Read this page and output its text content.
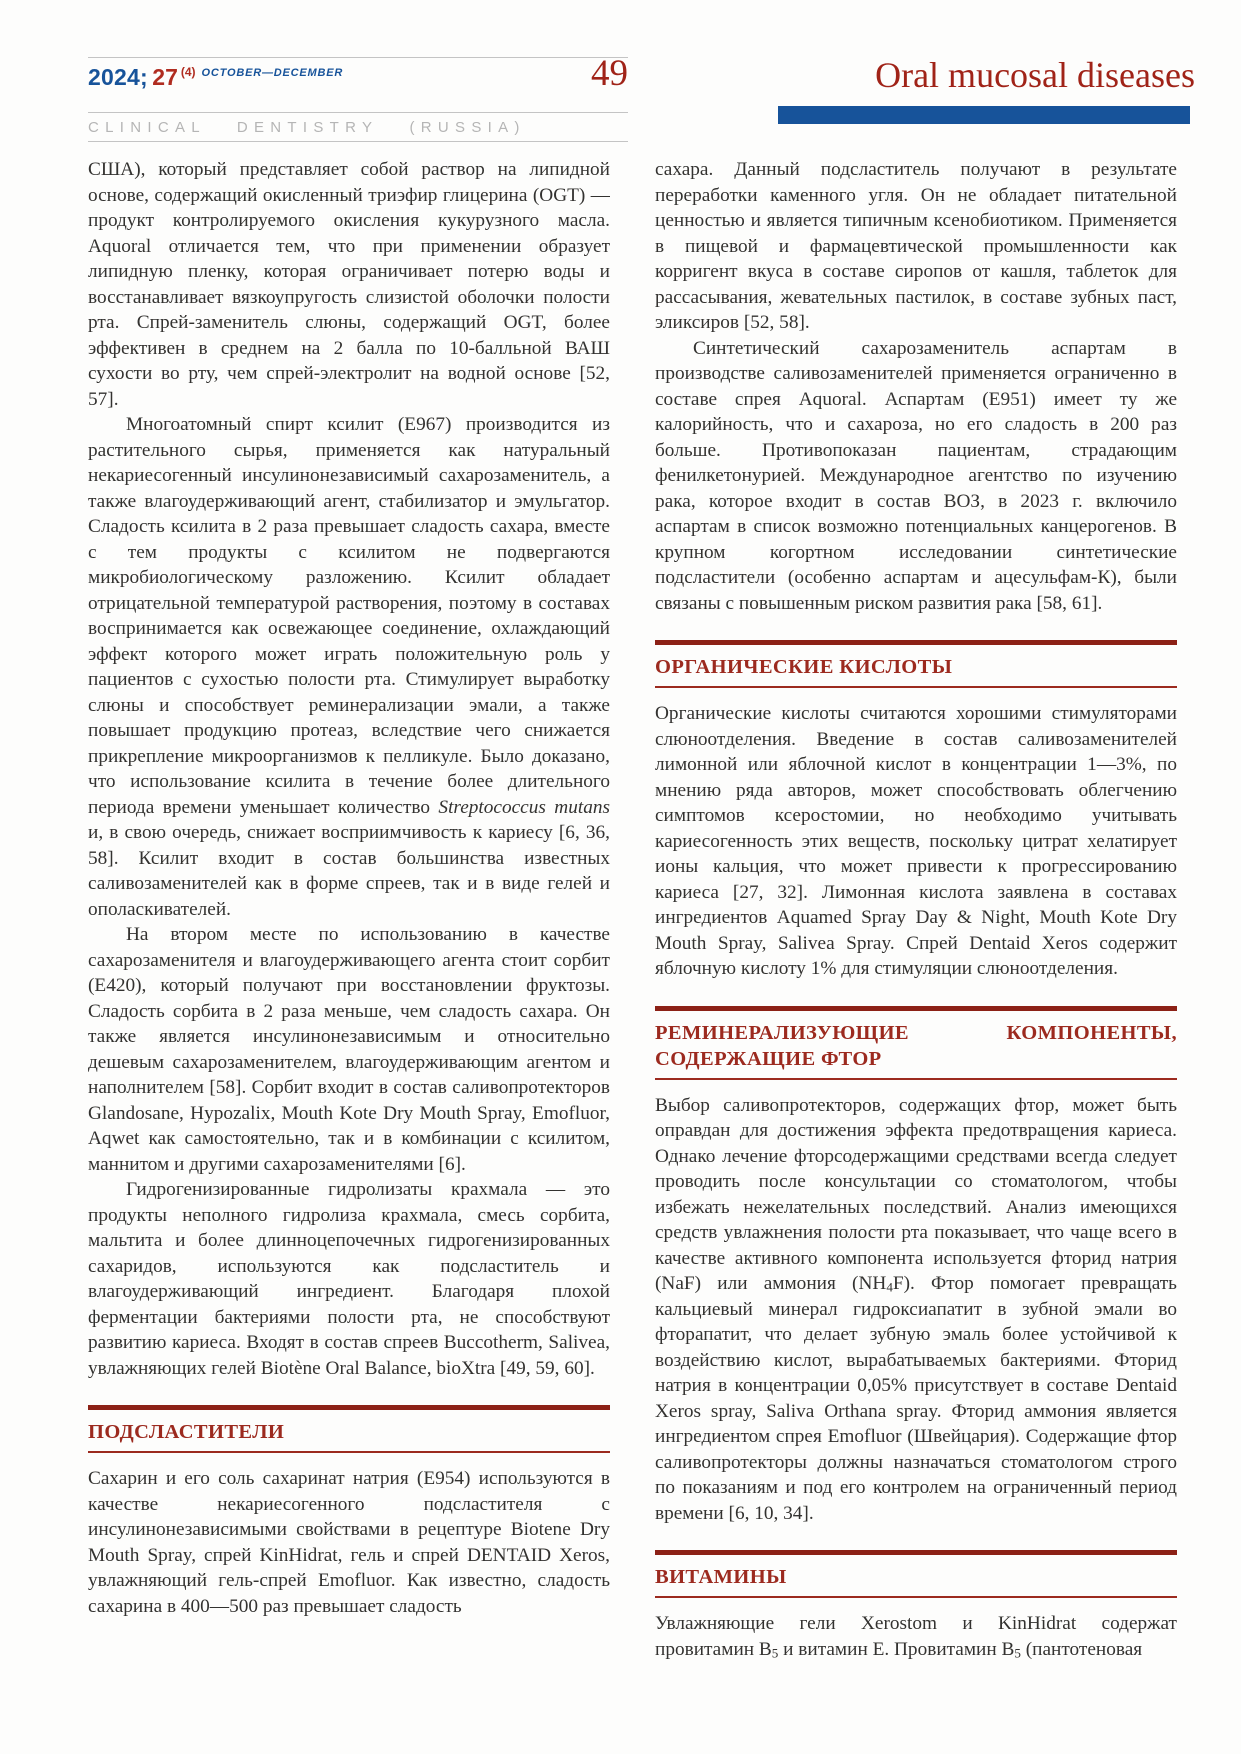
2024; 27 $^{(4)}$ $^{OCTOBER—DECEMBER}$	49
CLINICAL DENTISTRY (RUSSIA)
Oral mucosal diseases

США), который представляет собой раствор на липидной основе, содержащий окисленный триэфир глицерина (OGT) — продукт контролируемого окисления кукурузного масла. Aquoral отличается тем, что при применении образует липидную пленку, которая ограничивает потерю воды и восстанавливает вязкоупругость слизистой оболочки полости рта. Спрей-заменитель слюны, содержащий OGT, более эффективен в среднем на 2 балла по 10-балльной ВАШ сухости во рту, чем спрей-электролит на водной основе [52, 57].

Многоатомный спирт ксилит (E967) производится из растительного сырья, применяется как натуральный некариесогенный инсулинонезависимый сахарозаменитель, а также влагоудерживающий агент, стабилизатор и эмульгатор. Сладость ксилита в 2 раза превышает сладость сахара, вместе с тем продукты с ксилитом не подвергаются микробиологическому разложению. Ксилит обладает отрицательной температурой растворения, поэтому в составах воспринимается как освежающее соединение, охлаждающий эффект которого может играть положительную роль у пациентов с сухостью полости рта. Стимулирует выработку слюны и способствует реминерализации эмали, а также повышает продукцию протеаз, вследствие чего снижается прикрепление микроорганизмов к пелликуле. Было доказано, что использование ксилита в течение более длительного периода времени уменьшает количество Streptococcus mutans и, в свою очередь, снижает восприимчивость к кариесу [6, 36, 58]. Ксилит входит в состав большинства известных саливозаменителей как в форме спреев, так и в виде гелей и ополаскивателей.

На втором месте по использованию в качестве сахарозаменителя и влагоудерживающего агента стоит сорбит (E420), который получают при восстановлении фруктозы. Сладость сорбита в 2 раза меньше, чем сладость сахара. Он также является инсулинонезависимым и относительно дешевым сахарозаменителем, влагоудерживающим агентом и наполнителем [58]. Сорбит входит в состав саливопротекторов Glandosane, Hypozalix, Mouth Kote Dry Mouth Spray, Emofluor, Aqwet как самостоятельно, так и в комбинации с ксилитом, маннитом и другими сахарозаменителями [6].

Гидрогенизированные гидролизаты крахмала — это продукты неполного гидролиза крахмала, смесь сорбита, мальтита и более длинноцепочечных гидрогенизированных сахаридов, используются как подсластитель и влагоудерживающий ингредиент. Благодаря плохой ферментации бактериями полости рта, не способствуют развитию кариеса. Входят в состав спреев Buccotherm, Salivea, увлажняющих гелей Biotène Oral Balance, bioXtra [49, 59, 60].

ПОДСЛАСТИТЕЛИ

Сахарин и его соль сахаринат натрия (E954) используются в качестве некариесогенного подсластителя с инсулинонезависимыми свойствами в рецептуре Biotene Dry Mouth Spray, спрей KinHidrat, гель и спрей DENTAID Xeros, увлажняющий гель-спрей Emofluor. Как известно, сладость сахарина в 400—500 раз превышает сладость

сахара. Данный подсластитель получают в результате переработки каменного угля. Он не обладает питательной ценностью и является типичным ксенобиотиком. Применяется в пищевой и фармацевтической промышленности как корригент вкуса в составе сиропов от кашля, таблеток для рассасывания, жевательных пастилок, в составе зубных паст, эликсиров [52, 58].

Синтетический сахарозаменитель аспартам в производстве саливозаменителей применяется ограниченно в составе спрея Aquoral. Аспартам (E951) имеет ту же калорийность, что и сахароза, но его сладость в 200 раз больше. Противопоказан пациентам, страдающим фенилкетонурией. Международное агентство по изучению рака, которое входит в состав ВОЗ, в 2023 г. включило аспартам в список возможно потенциальных канцерогенов. В крупном когортном исследовании синтетические подсластители (особенно аспартам и ацесульфам-К), были связаны с повышенным риском развития рака [58, 61].

ОРГАНИЧЕСКИЕ КИСЛОТЫ

Органические кислоты считаются хорошими стимуляторами слюноотделения. Введение в состав саливозаменителей лимонной или яблочной кислот в концентрации 1—3%, по мнению ряда авторов, может способствовать облегчению симптомов ксеростомии, но необходимо учитывать кариесогенность этих веществ, поскольку цитрат хелатирует ионы кальция, что может привести к прогрессированию кариеса [27, 32]. Лимонная кислота заявлена в составах ингредиентов Aquamed Spray Day & Night, Mouth Kote Dry Mouth Spray, Salivea Spray. Спрей Dentaid Xeros содержит яблочную кислоту 1% для стимуляции слюноотделения.

РЕМИНЕРАЛИЗУЮЩИЕ КОМПОНЕНТЫ, СОДЕРЖАЩИЕ ФТОР

Выбор саливопротекторов, содержащих фтор, может быть оправдан для достижения эффекта предотвращения кариеса. Однако лечение фторсодержащими средствами всегда следует проводить после консультации со стоматологом, чтобы избежать нежелательных последствий. Анализ имеющихся средств увлажнения полости рта показывает, что чаще всего в качестве активного компонента используется фторид натрия (NaF) или аммония $(NH_4F)$. Фтор помогает превращать кальциевый минерал гидроксиапатит в зубной эмали во фторапатит, что делает зубную эмаль более устойчивой к воздействию кислот, вырабатываемых бактериями. Фторид натрия в концентрации 0,05% присутствует в составе Dentaid Xeros spray, Saliva Orthana spray. Фторид аммония является ингредиентом спрея Emofluor (Швейцария). Содержащие фтор саливопротекторы должны назначаться стоматологом строго по показаниям и под его контролем на ограниченный период времени [6, 10, 34].

ВИТАМИНЫ

Увлажняющие гели Xerostom и KinHidrat содержат провитамин $B_5$ и витамин E. Провитамин $B_5$ (пантотеновая
